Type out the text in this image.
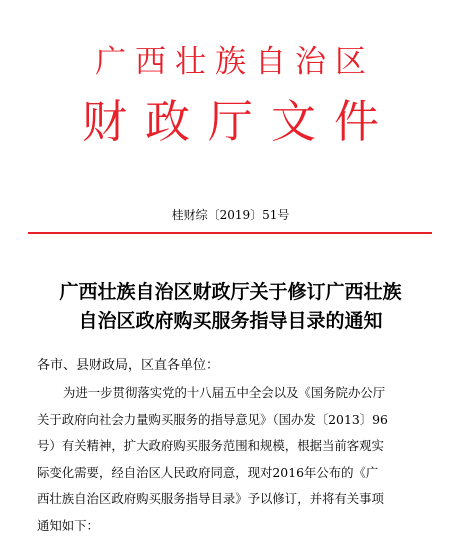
广西壮族自治区
财政厅文件
桂财综〔2019〕51号
广西壮族自治区财政厅关于修订广西壮族
自治区政府购买服务指导目录的通知
各市、县财政局，区直各单位：
为进一步贯彻落实党的十八届五中全会以及《国务院办公厅
关于政府向社会力量购买服务的指导意见》（国办发〔2013〕96
号）有关精神，扩大政府购买服务范围和规模，根据当前客观实
际变化需要，经自治区人民政府同意，现对2016年公布的《广
西壮族自治区政府购买服务指导目录》予以修订，并将有关事项
通知如下：
